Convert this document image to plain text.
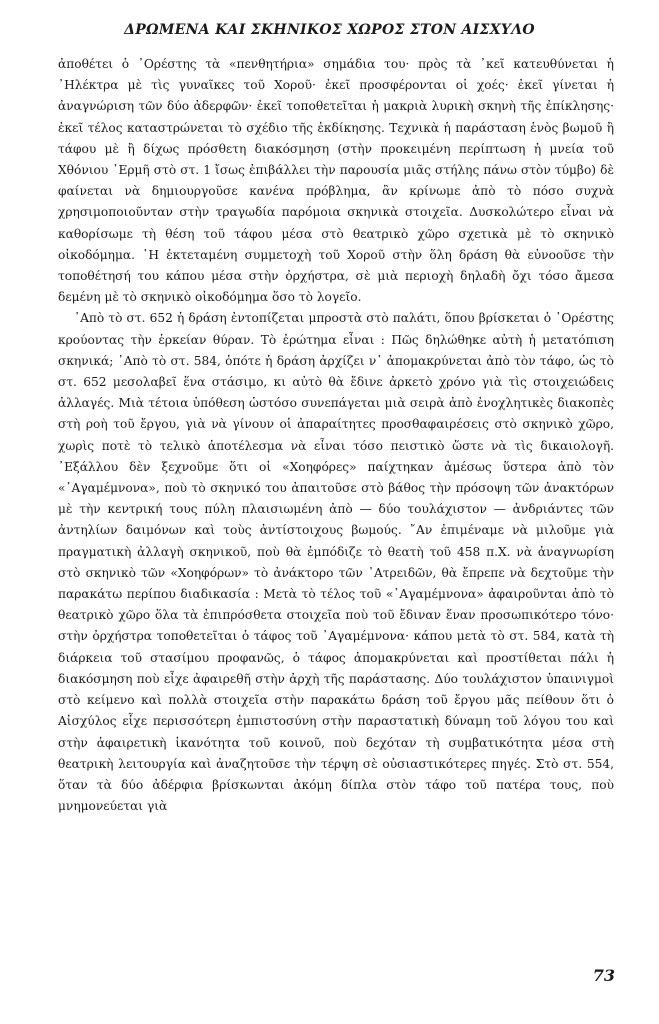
ΔΡΩΜΕΝΑ ΚΑΙ ΣΚΗΝΙΚΟΣ ΧΩΡΟΣ ΣΤΟΝ ΑΙΣΧΥΛΟ

ἀποθέτει ὁ ᾿Ορέστης τὰ «πενθητήρια» σημάδια του· πρὸς τὰ ᾽κεῖ κατευθύνεται ἡ ᾿Ηλέκτρα μὲ τὶς γυναῖκες τοῦ Χοροῦ· ἐκεῖ προσφέρονται οἱ χοές· ἐκεῖ γίνεται ἡ ἀναγνώριση τῶν δύο ἀδερφῶν· ἐκεῖ τοποθετεῖται ἡ μακριὰ λυρικὴ σκηνὴ τῆς ἐπίκλησης· ἐκεῖ τέλος καταστρώνεται τὸ σχέδιο τῆς ἐκδίκησης. Τεχνικὰ ἡ παράσταση ἑνὸς βωμοῦ ἢ τάφου μὲ ἢ δίχως πρόσθετη διακόσμηση (στὴν προκειμένη περίπτωση ἡ μνεία τοῦ Χθόνιου ῾Ερμῆ στὸ στ. 1 ἴσως ἐπιβάλλει τὴν παρουσία μιᾶς στήλης πάνω στὸν τύμβο) δὲ φαίνεται νὰ δημιουργοῦσε κανένα πρόβλημα, ἂν κρίνωμε ἀπὸ τὸ πόσο συχνὰ χρησιμοποιοῦνταν στὴν τραγωδία παρόμοια σκηνικὰ στοιχεῖα. Δυσκολώτερο εἶναι νὰ καθορίσωμε τὴ θέση τοῦ τάφου μέσα στὸ θεατρικὸ χῶρο σχετικὰ μὲ τὸ σκηνικὸ οἰκοδόμημα. ῾Η ἐκτεταμένη συμμετοχὴ τοῦ Χοροῦ στὴν ὅλη δράση θὰ εὐνοοῦσε τὴν τοποθέτησή του κάπου μέσα στὴν ὀρχήστρα, σὲ μιὰ περιοχὴ δηλαδὴ ὄχι τόσο ἄμεσα δεμένη μὲ τὸ σκηνικὸ οἰκοδόμημα ὅσο τὸ λογεῖο.

᾿Απὸ τὸ στ. 652 ἡ δράση ἐντοπίζεται μπροστὰ στὸ παλάτι, ὅπου βρίσκεται ὁ ᾿Ορέστης κρούοντας τὴν ἑρκείαν θύραν. Τὸ ἐρώτημα εἶναι : Πῶς δηλώθηκε αὐτὴ ἡ μετατόπιση σκηνικά; ᾿Απὸ τὸ στ. 584, ὁπότε ἡ δράση ἀρχίζει ν᾿ ἀπομακρύνεται ἀπὸ τὸν τάφο, ὡς τὸ στ. 652 μεσολαβεῖ ἕνα στάσιμο, κι αὐτὸ θὰ ἔδινε ἀρκετὸ χρόνο γιὰ τὶς στοιχειώδεις ἀλλαγές. Μιὰ τέτοια ὑπόθεση ὡστόσο συνεπάγεται μιὰ σειρὰ ἀπὸ ἐνοχλητικὲς διακοπὲς στὴ ροὴ τοῦ ἔργου, γιὰ νὰ γίνουν οἱ ἀπαραίτητες προσθαφαιρέσεις στὸ σκηνικὸ χῶρο, χωρὶς ποτὲ τὸ τελικὸ ἀποτέλεσμα νὰ εἶναι τόσο πειστικὸ ὥστε νὰ τὶς δικαιολογῆ. ᾿Εξάλλου δὲν ξεχνοῦμε ὅτι οἱ «Χοηφόρες» παίχτηκαν ἀμέσως ὕστερα ἀπὸ τὸν «᾿Αγαμέμνονα», ποὺ τὸ σκηνικό του ἀπαιτοῦσε στὸ βάθος τὴν πρόσοψη τῶν ἀνακτόρων μὲ τὴν κεντρική τους πύλη πλαισιωμένη ἀπὸ — δύο τουλάχιστον — ἀνδριάντες τῶν ἀντηλίων δαιμόνων καὶ τοὺς ἀντίστοιχους βωμούς. ῎Αν ἐπιμέναμε νὰ μιλοῦμε γιὰ πραγματικὴ ἀλλαγὴ σκηνικοῦ, ποὺ θὰ ἐμπόδιζε τὸ θεατὴ τοῦ 458 π.Χ. νὰ ἀναγνωρίση στὸ σκηνικὸ τῶν «Χοηφόρων» τὸ ἀνάκτορο τῶν ᾿Ατρειδῶν, θὰ ἔπρεπε νὰ δεχτοῦμε τὴν παρακάτω περίπου διαδικασία : Μετὰ τὸ τέλος τοῦ «᾿Αγαμέμνονα» ἀφαιροῦνται ἀπὸ τὸ θεατρικὸ χῶρο ὅλα τὰ ἐπιπρόσθετα στοιχεῖα ποὺ τοῦ ἔδιναν ἕναν προσωπικότερο τόνο· στὴν ὀρχήστρα τοποθετεῖται ὁ τάφος τοῦ ᾿Αγαμέμνονα· κάπου μετὰ τὸ στ. 584, κατὰ τὴ διάρκεια τοῦ στασίμου προφανῶς, ὁ τάφος ἀπομακρύνεται καὶ προστίθεται πάλι ἡ διακόσμηση ποὺ εἶχε ἀφαιρεθῆ στὴν ἀρχὴ τῆς παράστασης. Δύο τουλάχιστον ὑπαινιγμοὶ στὸ κείμενο καὶ πολλὰ στοιχεῖα στὴν παρακάτω δράση τοῦ ἔργου μᾶς πείθουν ὅτι ὁ Αἰσχύλος εἶχε περισσότερη ἐμπιστοσύνη στὴν παραστατικὴ δύναμη τοῦ λόγου του καὶ στὴν ἀφαιρετικὴ ἱκανότητα τοῦ κοινοῦ, ποὺ δεχόταν τὴ συμβατικότητα μέσα στὴ θεατρικὴ λειτουργία καὶ ἀναζητοῦσε τὴν τέρψη σὲ οὐσιαστικότερες πηγές. Στὸ στ. 554, ὅταν τὰ δύο ἀδέρφια βρίσκωνται ἀκόμη δίπλα στὸν τάφο τοῦ πατέρα τους, ποὺ μνημονεύεται γιὰ

73
